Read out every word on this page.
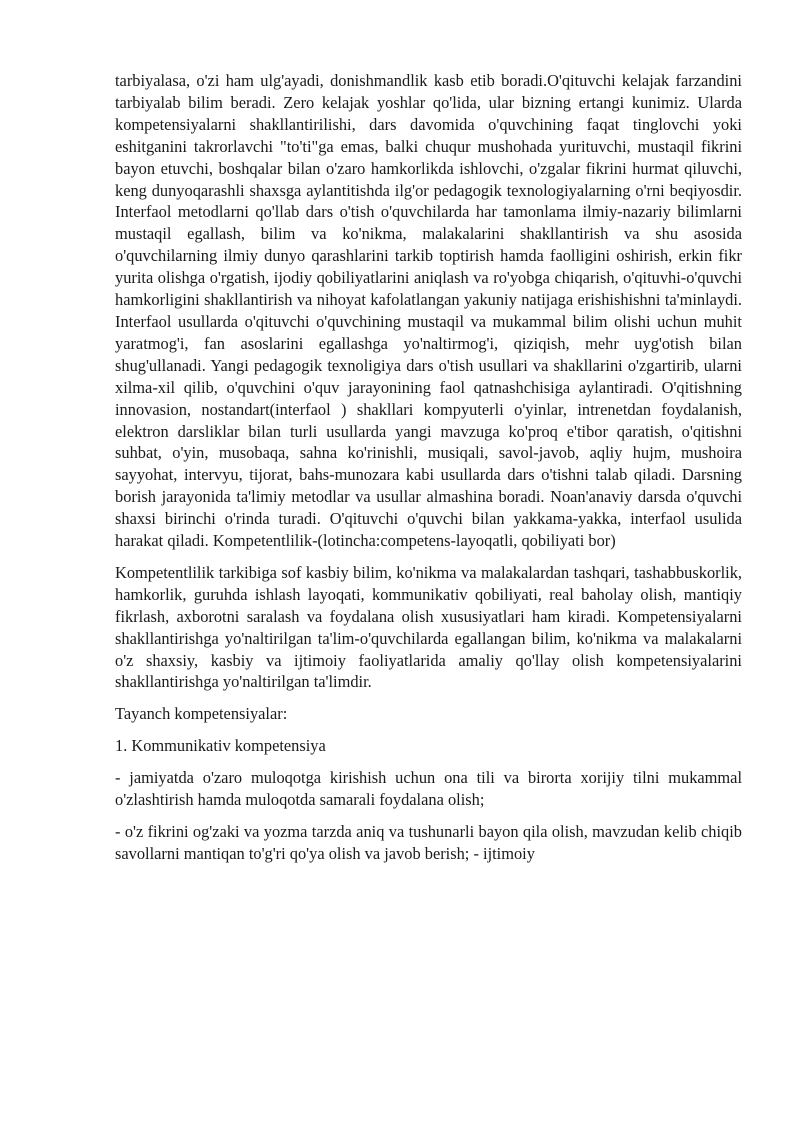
tarbiyalasa, o'zi ham ulg'ayadi, donishmandlik kasb etib boradi.O'qituvchi kelajak farzandini tarbiyalab bilim beradi. Zero kelajak yoshlar qo'lida, ular bizning ertangi kunimiz. Ularda kompetensiyalarni shakllantirilishi, dars davomida o'quvchining faqat tinglovchi yoki eshitganini takrorlavchi "to'ti"ga emas, balki chuqur mushohada yurituvchi, mustaqil fikrini bayon etuvchi, boshqalar bilan o'zaro hamkorlikda ishlovchi, o'zgalar fikrini hurmat qiluvchi, keng dunyoqarashli shaxsga aylantitishda ilg'or pedagogik texnologiyalarning o'rni beqiyosdir. Interfaol metodlarni qo'llab dars o'tish o'quvchilarda har tamonlama ilmiy-nazariy bilimlarni mustaqil egallash, bilim va ko'nikma, malakalarini shakllantirish va shu asosida o'quvchilarning ilmiy dunyo qarashlarini tarkib toptirish hamda faolligini oshirish, erkin fikr yurita olishga o'rgatish, ijodiy qobiliyatlarini aniqlash va ro'yobga chiqarish, o'qituvhi-o'quvchi hamkorligini shakllantirish va nihoyat kafolatlangan yakuniy natijaga erishishishni ta'minlaydi. Interfaol usullarda o'qituvchi o'quvchining mustaqil va mukammal bilim olishi uchun muhit yaratmog'i, fan asoslarini egallashga yo'naltirmog'i, qiziqish, mehr uyg'otish bilan shug'ullanadi. Yangi pedagogik texnoligiya dars o'tish usullari va shakllarini o'zgartirib, ularni xilma-xil qilib, o'quvchini o'quv jarayonining faol qatnashchisiga aylantiradi. O'qitishning innovasion, nostandart(interfaol ) shakllari kompyuterli o'yinlar, intrenetdan foydalanish, elektron darsliklar bilan turli usullarda yangi mavzuga ko'proq e'tibor qaratish, o'qitishni suhbat, o'yin, musobaqa, sahna ko'rinishli, musiqali, savol-javob, aqliy hujm, mushoira sayyohat, intervyu, tijorat, bahs-munozara kabi usullarda dars o'tishni talab qiladi. Darsning borish jarayonida ta'limiy metodlar va usullar almashina boradi. Noan'anaviy darsda o'quvchi shaxsi birinchi o'rinda turadi. O'qituvchi o'quvchi bilan yakkama-yakka, interfaol usulida harakat qiladi. Kompetentlilik-(lotincha:competens-layoqatli, qobiliyati bor)

Kompetentlilik tarkibiga sof kasbiy bilim, ko'nikma va malakalardan tashqari, tashabbuskorlik, hamkorlik, guruhda ishlash layoqati, kommunikativ qobiliyati, real baholay olish, mantiqiy fikrlash, axborotni saralash va foydalana olish xususiyatlari ham kiradi. Kompetensiyalarni shakllantirishga yo'naltirilgan ta'lim-o'quvchilarda egallangan bilim, ko'nikma va malakalarni o'z shaxsiy, kasbiy va ijtimoiy faoliyatlarida amaliy qo'llay olish kompetensiyalarini shakllantirishga yo'naltirilgan ta'limdir.

Tayanch kompetensiyalar:

1. Kommunikativ kompetensiya

- jamiyatda o'zaro muloqotga kirishish uchun ona tili va birorta xorijiy tilni mukammal o'zlashtirish hamda muloqotda samarali foydalana olish;

- o'z fikrini og'zaki va yozma tarzda aniq va tushunarli bayon qila olish, mavzudan kelib chiqib savollarni mantiqan to'g'ri qo'ya olish va javob berish; - ijtimoiy
